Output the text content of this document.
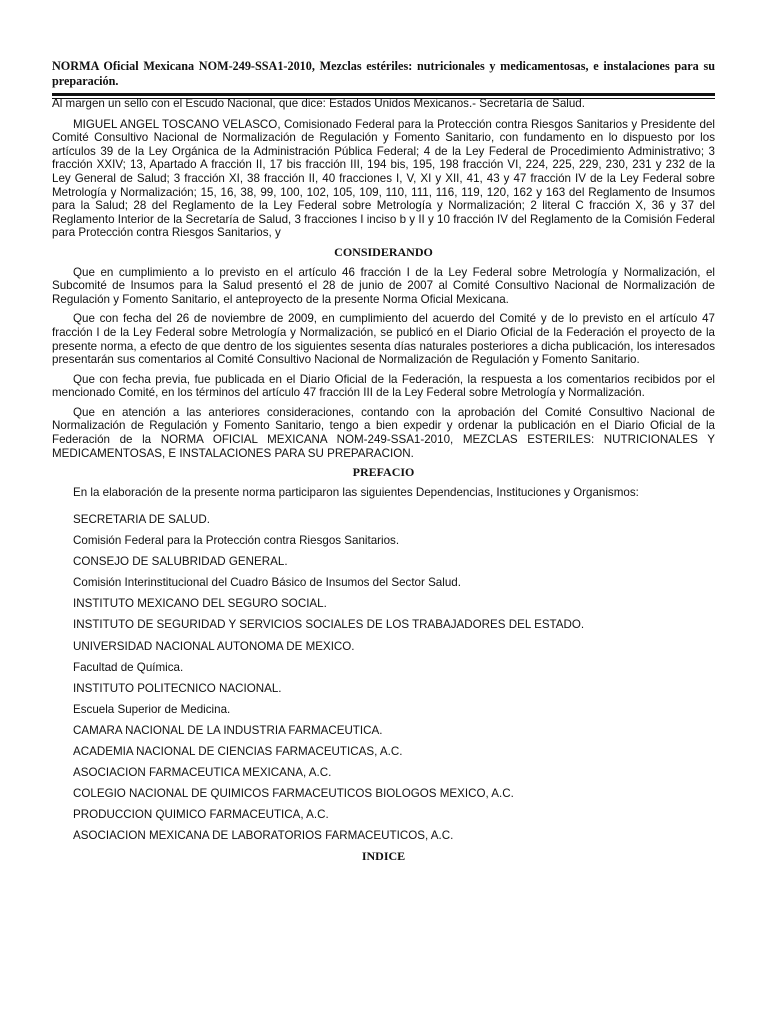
NORMA Oficial Mexicana NOM-249-SSA1-2010, Mezclas estériles: nutricionales y medicamentosas, e instalaciones para su preparación.

Al margen un sello con el Escudo Nacional, que dice: Estados Unidos Mexicanos.- Secretaría de Salud.

MIGUEL ANGEL TOSCANO VELASCO, Comisionado Federal para la Protección contra Riesgos Sanitarios y Presidente del Comité Consultivo Nacional de Normalización de Regulación y Fomento Sanitario, con fundamento en lo dispuesto por los artículos 39 de la Ley Orgánica de la Administración Pública Federal; 4 de la Ley Federal de Procedimiento Administrativo; 3 fracción XXIV; 13, Apartado A fracción II, 17 bis fracción III, 194 bis, 195, 198 fracción VI, 224, 225, 229, 230, 231 y 232 de la Ley General de Salud; 3 fracción XI, 38 fracción II, 40 fracciones I, V, XI y XII, 41, 43 y 47 fracción IV de la Ley Federal sobre Metrología y Normalización; 15, 16, 38, 99, 100, 102, 105, 109, 110, 111, 116, 119, 120, 162 y 163 del Reglamento de Insumos para la Salud; 28 del Reglamento de la Ley Federal sobre Metrología y Normalización; 2 literal C fracción X, 36 y 37 del Reglamento Interior de la Secretaría de Salud, 3 fracciones I inciso b y II y 10 fracción IV del Reglamento de la Comisión Federal para Protección contra Riesgos Sanitarios, y

CONSIDERANDO

Que en cumplimiento a lo previsto en el artículo 46 fracción I de la Ley Federal sobre Metrología y Normalización, el Subcomité de Insumos para la Salud presentó el 28 de junio de 2007 al Comité Consultivo Nacional de Normalización de Regulación y Fomento Sanitario, el anteproyecto de la presente Norma Oficial Mexicana.

Que con fecha del 26 de noviembre de 2009, en cumplimiento del acuerdo del Comité y de lo previsto en el artículo 47 fracción I de la Ley Federal sobre Metrología y Normalización, se publicó en el Diario Oficial de la Federación el proyecto de la presente norma, a efecto de que dentro de los siguientes sesenta días naturales posteriores a dicha publicación, los interesados presentarán sus comentarios al Comité Consultivo Nacional de Normalización de Regulación y Fomento Sanitario.

Que con fecha previa, fue publicada en el Diario Oficial de la Federación, la respuesta a los comentarios recibidos por el mencionado Comité, en los términos del artículo 47 fracción III de la Ley Federal sobre Metrología y Normalización.

Que en atención a las anteriores consideraciones, contando con la aprobación del Comité Consultivo Nacional de Normalización de Regulación y Fomento Sanitario, tengo a bien expedir y ordenar la publicación en el Diario Oficial de la Federación de la NORMA OFICIAL MEXICANA NOM-249-SSA1-2010, MEZCLAS ESTERILES: NUTRICIONALES Y MEDICAMENTOSAS, E INSTALACIONES PARA SU PREPARACION.

PREFACIO

En la elaboración de la presente norma participaron las siguientes Dependencias, Instituciones y Organismos:

SECRETARIA DE SALUD.
Comisión Federal para la Protección contra Riesgos Sanitarios.
CONSEJO DE SALUBRIDAD GENERAL.
Comisión Interinstitucional del Cuadro Básico de Insumos del Sector Salud.
INSTITUTO MEXICANO DEL SEGURO SOCIAL.
INSTITUTO DE SEGURIDAD Y SERVICIOS SOCIALES DE LOS TRABAJADORES DEL ESTADO.
UNIVERSIDAD NACIONAL AUTONOMA DE MEXICO.
Facultad de Química.
INSTITUTO POLITECNICO NACIONAL.
Escuela Superior de Medicina.
CAMARA NACIONAL DE LA INDUSTRIA FARMACEUTICA.
ACADEMIA NACIONAL DE CIENCIAS FARMACEUTICAS, A.C.
ASOCIACION FARMACEUTICA MEXICANA, A.C.
COLEGIO NACIONAL DE QUIMICOS FARMACEUTICOS BIOLOGOS MEXICO, A.C.
PRODUCCION QUIMICO FARMACEUTICA, A.C.
ASOCIACION MEXICANA DE LABORATORIOS FARMACEUTICOS, A.C.

INDICE
